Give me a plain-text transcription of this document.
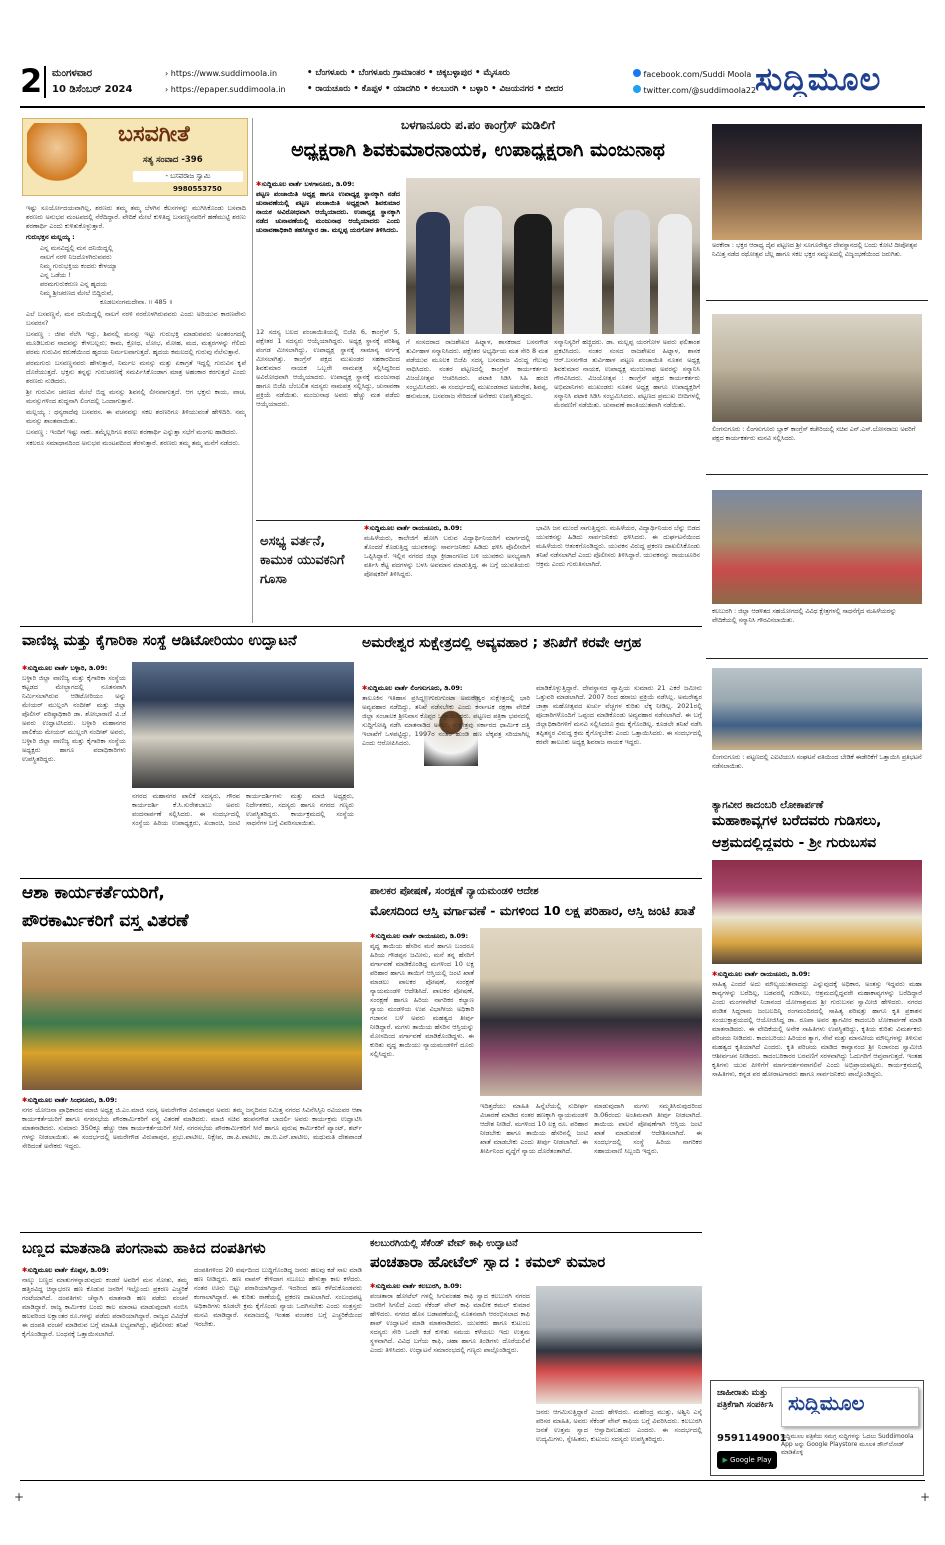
2 ಮಂಗಳವಾರ
10 ಡಿಸೆಂಬರ್ 2024
› https://www.suddimoola.in
› https://epaper.suddimoola.in
• ಬೆಂಗಳೂರು • ಬೆಂಗಳೂರು ಗ್ರಾಮಾಂತರ • ಚಿಕ್ಕಬಳ್ಳಾಪುರ • ಮೈಸೂರು
• ರಾಯಚೂರು • ಕೊಪ್ಪಳ • ಯಾದಗಿರಿ • ಕಲಬುರಗಿ • ಬಳ್ಳಾರಿ • ವಿಜಯನಗರ • ಬೀದರ
facebook.com/Suddi Moola
twitter.com/@suddimoola22
ಸುದ್ದಿಮೂಲ
ಬಸವಗೀತೆ
ಸತ್ಯ ಸಂವಾದ -396
- ಬಸವರಾಜ ಸ್ವಾಮಿ
9980553750

ಇಷ್ಟು ಸೂರ್ಯೋದಯವಾಗಿಲ್ಲ, ಶರಣರು ತಮ್ಮ ತಮ್ಮ ಬೆಳಗಿನ ಕೆಲಸಗಳನ್ನು ಮುಗಿಸಿಕೊಂಡು ಬಸವಾದಿ ಶರಣರು ಅನುಭವ ಮಂಟಪದಲ್ಲಿ ನೆರೆದಿದ್ದಾರೆ. ವೇದಿಕೆ ಮೇಲೆ ಕುಳಿತಿದ್ದ ಬಸವಣ್ಣನವರಿಗೆ ಹಣೆಮುಟ್ಟಿ ಶರಣು ಶರಣಾರ್ಥಿ ಎಂದು ಕುಳಿತುಕೊಳ್ಳುತ್ತಾರೆ.

ಗುರುಭಕ್ತನ ಮಲ್ಲಯ್ಯ :

ಎನ್ನ ಮನವಿದ್ದಲ್ಲಿ ಮನ ದನಿಯಿದ್ದಲ್ಲಿ
ನಾಲಗೆ ನರಳಿ ನಿಜದೊಳಗಿರುವವರು
ನಿಮ್ಮ ಗುರುಭಕ್ತಿಯ ಕಂದರು ಕೇಳಯ್ಯಾ
ಎನ್ನ ಒಡೆಯ !
ಪರಮಗುರುಕರುಣ ಎನ್ನ ಹೃದಯ
ನಿಮ್ಮ ಶ್ರೀಚರಣದ ಮೇಲೆ ಬಿದ್ದಿರುವೆ,
ಕೂಡಲಸಂಗಮದೇವಾ. ॥ 485 ॥

ಎಲೆ ಬಸವಣ್ಣನೆ, ಮನ ದನಿಯಿದ್ದಲ್ಲಿ ನಾಲಗೆ ನರಳಿ ನರರೊಳಗಿರುವವರು ಎಂದು ಅರಿಯುವ ಕಾರಣವೇನು ಬಸವರಸ?

ಬಸವಣ್ಣ : ಜೀವ ನೆಲೆಸಿ ಇದ್ದು, ಶಿವನಲ್ಲಿ ಮನಸ್ಸು ಇಟ್ಟು ಗುರುಭಕ್ತಿ ಮಾಡುವವರು ಅಂತರಂಗದಲ್ಲಿ ಮೂಡಿಬರುವ ನಾದವನ್ನು ಕೇಳಬಲ್ಲರು; ಕಾಮ, ಕ್ರೋಧ, ಲೋಭ, ಮೋಹ, ಮದ, ಮತ್ಸರಗಳನ್ನು ಗೆಲಿದು ಪರಮ ಗುರುವಿನ ಕರುಣೆಯಿಂದ ಹೃದಯ ನಿರ್ಮಲವಾಗುತ್ತದೆ. ಹೃದಯ ಕಮಲದಲ್ಲಿ ಗುರುವು ನೆಲೆಸುತ್ತಾನೆ.

ಪರಮಗುರು ಬಸವಣ್ಣನವರು ಹೇಳುತ್ತಾರೆ, ನಿರ್ಮಲ ಮನಸ್ಸು ಮತ್ತು ಏಕಾಗ್ರತೆ ಇದ್ದಲ್ಲಿ ಗುರುವಿನ ಕೃಪೆ ದೊರೆಯುತ್ತದೆ. ಭಕ್ತನು ತನ್ನನ್ನು ಗುರುಚರಣಕ್ಕೆ ಸಮರ್ಪಿಸಿಕೊಂಡಾಗ ಮಾತ್ರ ಅಹಂಕಾರ ಕರಗುತ್ತದೆ ಎಂದು ಶರಣರು ನುಡಿದರು.

ಶ್ರೀ ಗುರುವಿನ ಚರಣದ ಮೇಲೆ ಬಿದ್ದ ಮನಸ್ಸು ಶಿವನಲ್ಲಿ ಲೀನವಾಗುತ್ತದೆ. ಆಗ ಭಕ್ತನು ಕಾಯ, ವಾಚ, ಮನಸ್ಸುಗಳಿಂದ ಶುದ್ಧನಾಗಿ ಲಿಂಗದಲ್ಲಿ ಒಂದಾಗುತ್ತಾನೆ.

ಮಲ್ಲಯ್ಯ : ಧನ್ಯರಾದೆವು ಬಸವರಸ. ಈ ವಚನವನ್ನು ಸಕಲ ಶರಣರಿಗೂ ತಿಳಿಯುವಂತೆ ಹೇಳಿದಿರಿ. ನಮ್ಮ ಮನಸ್ಸು ಶಾಂತವಾಯಿತು.

ಬಸವಣ್ಣ : ಇಂದಿಗೆ ಇಷ್ಟು ಸಾಕು. ತಮ್ಮೆಲ್ಲರಿಗೂ ಶರಣು ಶರಣಾರ್ಥಿ ಎನ್ನುತ್ತಾ ಸಭೆಗೆ ಮಂಗಲ ಹಾಡಿದರು.

ಸಕಲರೂ ಸಮಾಧಾನದಿಂದ ಅನುಭವ ಮಂಟಪದಿಂದ ತೆರಳುತ್ತಾರೆ. ಶರಣರು ತಮ್ಮ ತಮ್ಮ ಮನೆಗೆ ನಡೆದರು.

ಬಳಗಾನೂರು ಪ.ಪಂ ಕಾಂಗ್ರೆಸ್ ಮಡಿಲಿಗೆ
ಅಧ್ಯಕ್ಷರಾಗಿ ಶಿವಕುಮಾರನಾಯಕ, ಉಪಾಧ್ಯಕ್ಷರಾಗಿ ಮಂಜುನಾಥ
✱ಸುದ್ದಿಮೂಲ ವಾರ್ತೆ ಬಳಗಾನೂರು, ಡಿ.09:
ಪಟ್ಟಣ ಪಂಚಾಯಿತಿ ಅಧ್ಯಕ್ಷ ಹಾಗೂ ಉಪಾಧ್ಯಕ್ಷ ಸ್ಥಾನಕ್ಕಾಗಿ ನಡೆದ ಚುನಾವಣೆಯಲ್ಲಿ ಪಟ್ಟಣ ಪಂಚಾಯಿತಿ ಅಧ್ಯಕ್ಷರಾಗಿ ಶಿವಕುಮಾರ ನಾಯಕ ಅವಿರೋಧವಾಗಿ ಆಯ್ಕೆಯಾದರು. ಉಪಾಧ್ಯಕ್ಷ ಸ್ಥಾನಕ್ಕಾಗಿ ನಡೆದ ಚುನಾವಣೆಯಲ್ಲಿ ಮಂಜುನಾಥ ಆಯ್ಕೆಯಾದರು ಎಂದು ಚುನಾವಣಾಧಿಕಾರಿ ತಹಸೀಲ್ದಾರ ಡಾ. ಮಲ್ಲಪ್ಪ ಯರಗೋಳ ತಿಳಿಸಿದರು.
12 ಸದಸ್ಯ ಬಲದ ಪಂಚಾಯಿತಿಯಲ್ಲಿ ಬಿಜೆಪಿ 6, ಕಾಂಗ್ರೆಸ್ 5, ಪಕ್ಷೇತರ 1 ಸದಸ್ಯರು ಆಯ್ಕೆಯಾಗಿದ್ದರು. ಅಧ್ಯಕ್ಷ ಸ್ಥಾನಕ್ಕೆ ಪರಿಶಿಷ್ಟ ಪಂಗಡ ಮೀಸಲಾಗಿದ್ದು, ಉಪಾಧ್ಯಕ್ಷ ಸ್ಥಾನಕ್ಕೆ ಸಾಮಾನ್ಯ ವರ್ಗಕ್ಕೆ ಮೀಸಲಾಗಿತ್ತು. ಕಾಂಗ್ರೆಸ್ ಪಕ್ಷದ ಮುಖಂಡರ ಸಹಕಾರದಿಂದ ಶಿವಕುಮಾರ ನಾಯಕ ಒಬ್ಬರೇ ನಾಮಪತ್ರ ಸಲ್ಲಿಸಿದ್ದರಿಂದ ಅವಿರೋಧವಾಗಿ ಆಯ್ಕೆಯಾದರು. ಉಪಾಧ್ಯಕ್ಷ ಸ್ಥಾನಕ್ಕೆ ಮಂಜುನಾಥ ಹಾಗೂ ಬಿಜೆಪಿ ಬೆಂಬಲಿತ ಸದಸ್ಯರು ನಾಮಪತ್ರ ಸಲ್ಲಿಸಿದ್ದು, ಚುನಾವಣಾ ಪ್ರಕ್ರಿಯೆ ನಡೆಯಿತು. ಮಂಜುನಾಥ ಅವರು ಹೆಚ್ಚು ಮತ ಪಡೆದು ಆಯ್ಕೆಯಾದರು.
ಗೆ ಸಂಸದರಾದ ರಾಜಶೇಖರ ಹಿಟ್ನಾಳ, ಶಾಸಕರಾದ ಬಸನಗೌಡ ತುರ್ವಿಹಾಳ ಸನ್ಮಾನಿಸಿದರು. ಪಕ್ಷೇತರ ಅಭ್ಯರ್ಥಿಯ ಮತ ಸೇರಿ 8 ಮತ ಪಡೆಯುವ ಮೂಲಕ ಬಿಜೆಪಿ ಸದಸ್ಯ ಬಸವರಾಜ ವಿರುದ್ಧ ಗೆಲುವು ಸಾಧಿಸಿದರು. ನಂತರ ಪಟ್ಟಣದಲ್ಲಿ ಕಾಂಗ್ರೆಸ್ ಕಾರ್ಯಕರ್ತರು ವಿಜಯೋತ್ಸವ ಆಚರಿಸಿದರು. ಪಟಾಕಿ ಸಿಡಿಸಿ ಸಿಹಿ ಹಂಚಿ ಸಂಭ್ರಮಿಸಿದರು. ಈ ಸಂದರ್ಭದಲ್ಲಿ ಮುಖಂಡರಾದ ಅಮರೇಶ, ಶಿವಪ್ಪ, ಹನುಮಂತ, ಬಸವರಾಜ ಸೇರಿದಂತೆ ಅನೇಕರು ಉಪಸ್ಥಿತರಿದ್ದರು.
ಸನ್ಮಾನಿಸ್ಯರಿಗೆ ಹಚ್ಚಿದರು. ಡಾ. ಮಲ್ಲಪ್ಪ ಯರಗೋಳ ಅವರು ಫಲಿತಾಂಶ ಪ್ರಕಟಿಸಿದರು. ನಂತರ ಸಂಸದ ರಾಜಶೇಖರ ಹಿಟ್ನಾಳ, ಶಾಸಕ ಆರ್.ಬಸನಗೌಡ ತುರ್ವಿಹಾಳ ಪಟ್ಟಣ ಪಂಚಾಯಿತಿ ನೂತನ ಅಧ್ಯಕ್ಷ ಶಿವಕುಮಾರ ನಾಯಕ, ಉಪಾಧ್ಯಕ್ಷ ಮಂಜುನಾಥ ಅವರನ್ನು ಸನ್ಮಾನಿಸಿ ಗೌರವಿಸಿದರು. ವಿಜಯೋತ್ಸವ : ಕಾಂಗ್ರೆಸ್ ಪಕ್ಷದ ಕಾರ್ಯಕರ್ತರು ಅಭಿಮಾನಿಗಳು ಮುಖಂಡರು ನೂತನ ಅಧ್ಯಕ್ಷ ಹಾಗೂ ಉಪಾಧ್ಯಕ್ಷರಿಗೆ ಸನ್ಮಾನಿಸಿ ಪಟಾಕಿ ಸಿಡಿಸಿ ಸಂಭ್ರಮಿಸಿದರು. ಪಟ್ಟಣದ ಪ್ರಮುಖ ಬೀದಿಗಳಲ್ಲಿ ಮೆರವಣಿಗೆ ನಡೆಯಿತು. ಚುನಾವಣೆ ಶಾಂತಿಯುತವಾಗಿ ನಡೆಯಿತು.
ಅಸಭ್ಯ ವರ್ತನೆ, ಕಾಮುಕ ಯುವಕನಿಗೆ ಗೂಸಾ
✱ಸುದ್ದಿಮೂಲ ವಾರ್ತೆ ರಾಯಚೂರು, ಡಿ.09:
ಮಹಿಳೆಯರು, ಕಾಲೇಜಿಗೆ ಹೋಗಿ ಬರುವ ವಿದ್ಯಾರ್ಥಿನಿಯರಿಗೆ ಮಾರ್ಗದಲ್ಲಿ ತೊಂದರೆ ಕೊಡುತ್ತಿದ್ದ ಯುವಕನನ್ನು ಸಾರ್ವಜನಿಕರು ಹಿಡಿದು ಥಳಿಸಿ ಪೊಲೀಸರಿಗೆ ಒಪ್ಪಿಸಿದ್ದಾರೆ. ಇಲ್ಲಿನ ನಗರದ ಜಿಲ್ಲಾ ಕ್ರೀಡಾಂಗಣದ ಬಳಿ ಯುವಕನು ಅಸಭ್ಯವಾಗಿ ವರ್ತಿಸಿ ಕೆಟ್ಟ ಪದಗಳನ್ನು ಬಳಸಿ ಅವಮಾನ ಮಾಡುತ್ತಿದ್ದ. ಈ ಬಗ್ಗೆ ಯುವತಿಯರು ಪೋಷಕರಿಗೆ ತಿಳಿಸಿದ್ದರು.
ಭಾವಿಸಿ ಜನ ಮುಂದೆ ಸಾಗುತ್ತಿದ್ದರು. ಮಹಿಳೆಯರ, ವಿದ್ಯಾರ್ಥಿನಿಯರ ಬೆನ್ನು ಬಿಡದ ಯುವಕನನ್ನು ಹಿಡಿದು ಸಾರ್ವಜನಿಕರು ಥಳಿಸಿದರು. ಈ ದುರ್ಘಟನೆಯಿಂದ ಮಹಿಳೆಯರು ಆತಂಕಗೊಂಡಿದ್ದರು. ಯುವಕನ ವಿರುದ್ಧ ಪ್ರಕರಣ ದಾಖಲಿಸಿಕೊಂಡು ತನಿಖೆ ನಡೆಸಲಾಗಿದೆ ಎಂದು ಪೊಲೀಸರು ತಿಳಿಸಿದ್ದಾರೆ. ಯುವಕನನ್ನು ರಾಯಚೂರಿನ ಆಕ್ರಮ ಎಂದು ಗುರುತಿಸಲಾಗಿದೆ.
ಅರಕೇರಾ : ಭಕ್ತರ ಆರಾಧ್ಯ ದೈವ ಪಟ್ಟಣದ ಶ್ರೀ ಸೂಗೂರೇಶ್ವರ ದೇವಸ್ಥಾನದಲ್ಲಿ ಬಂದು ಕೋಟಿ ದೀಪೋತ್ಸವ ನಿಮಿತ್ತ ನಡೆದ ರಥೋತ್ಸವ ಬೆಲ್ಲ ಹಾಗೂ ಸಕಲ ಭಕ್ತರ ಸಮ್ಮುಖದಲ್ಲಿ ವಿಜೃಂಭಣೆಯಿಂದ ಜರುಗಿತು.
ಲಿಂಗಸುಗೂರು : ಲಿಂಗಸುಗೂರು ಬ್ಲಾಕ್ ಕಾಂಗ್ರೆಸ್ ಕಚೇರಿಯಲ್ಲಿ ಸಚಿವ ಎನ್.ಎಸ್.ಬೋಸರಾಜು ಅವರಿಗೆ ಪಕ್ಷದ ಕಾರ್ಯಕರ್ತರು ಮನವಿ ಸಲ್ಲಿಸಿದರು.
ಕಲಬುರಗಿ : ಜಿಲ್ಲಾ ಆಡಳಿತದ ಸಹಯೋಗದಲ್ಲಿ ವಿವಿಧ ಕ್ಷೇತ್ರಗಳಲ್ಲಿ ಸಾಧನೆಗೈದ ಮಹಿಳೆಯರನ್ನು ವೇದಿಕೆಯಲ್ಲಿ ಸನ್ಮಾನಿಸಿ ಗೌರವಿಸಲಾಯಿತು.
ಲಿಂಗಸುಗೂರು : ಪಟ್ಟಣದಲ್ಲಿ ಎಐಟಿಯುಸಿ ಸಂಘಟನೆ ವತಿಯಿಂದ ಬೇಡಿಕೆ ಈಡೇರಿಕೆಗೆ ಒತ್ತಾಯಿಸಿ ಪ್ರತಿಭಟನೆ ನಡೆಸಲಾಯಿತು.
ವಾಣಿಜ್ಯ ಮತ್ತು ಕೈಗಾರಿಕಾ ಸಂಸ್ಥೆ ಆಡಿಟೋರಿಯಂ ಉದ್ಘಾಟನೆ
✱ಸುದ್ದಿಮೂಲ ವಾರ್ತೆ ಬಳ್ಳಾರಿ, ಡಿ.09:
ಬಳ್ಳಾರಿ ಜಿಲ್ಲಾ ವಾಣಿಜ್ಯ ಮತ್ತು ಕೈಗಾರಿಕಾ ಸಂಸ್ಥೆಯ ಕಟ್ಟಡದ ಮೇಲ್ಭಾಗದಲ್ಲಿ ನೂತನವಾಗಿ ನಿರ್ಮಿಸಲಾಗಿರುವ ಆಡಿಟೋರಿಯಂ ಅನ್ನು ಮೇಯರ್ ಮುಲ್ಲಂಗಿ ನಂದೀಶ್ ಮತ್ತು ಜಿಲ್ಲಾ ಪೊಲೀಸ್ ವರಿಷ್ಠಾಧಿಕಾರಿ ಡಾ. ಶೋಭಾರಾಣಿ ವಿ.ಜೆ ಅವರು ಉದ್ಘಾಟಿಸಿದರು. ಬಳ್ಳಾರಿ ಮಹಾನಗರ ಪಾಲಿಕೆಯ ಮೇಯರ್ ಮುಲ್ಲಂಗಿ ನಂದೀಶ್ ಅವರು, ಬಳ್ಳಾರಿ ಜಿಲ್ಲಾ ವಾಣಿಜ್ಯ ಮತ್ತು ಕೈಗಾರಿಕಾ ಸಂಸ್ಥೆಯ ಅಧ್ಯಕ್ಷರು ಹಾಗೂ ಪದಾಧಿಕಾರಿಗಳು ಉಪಸ್ಥಿತರಿದ್ದರು.
ನಗರದ ಮಹಾನಗರ ಪಾಲಿಕೆ ಸದಸ್ಯರು, ಗೌರವ ಕಾರ್ಯದರ್ಶಿ ಕೆ.ಸಿ.ಸುರೇಶಬಾಬು ಅವರು ವಂದನಾರ್ಪಣೆ ಸಲ್ಲಿಸಿದರು. ಈ ಸಂದರ್ಭದಲ್ಲಿ ಸಂಸ್ಥೆಯ ಹಿರಿಯ ಉಪಾಧ್ಯಕ್ಷರು, ಖಜಾಂಚಿ, ಜಂಟಿ ಕಾರ್ಯದರ್ಶಿಗಳು ಮತ್ತು ಮಾಜಿ ಅಧ್ಯಕ್ಷರು, ನಿರ್ದೇಶಕರು, ಸದಸ್ಯರು ಹಾಗೂ ನಗರದ ಗಣ್ಯರು ಉಪಸ್ಥಿತರಿದ್ದರು. ಕಾರ್ಯಕ್ರಮದಲ್ಲಿ ಸಂಸ್ಥೆಯ ಸಾಧನೆಗಳ ಬಗ್ಗೆ ವಿವರಿಸಲಾಯಿತು.
ಅಮರೇಶ್ವರ ಸುಕ್ಷೇತ್ರದಲ್ಲಿ ಅವ್ಯವಹಾರ ; ತನಿಖೆಗೆ ಕರವೇ ಆಗ್ರಹ
✱ಸುದ್ದಿಮೂಲ ವಾರ್ತೆ ಲಿಂಗಸುಗೂರು, ಡಿ.09:
ತಾಲೂಕಿನ ಇತಿಹಾಸ ಪ್ರಸಿದ್ಧ ಗುರುಗುಂಟಾ ಅಮರೇಶ್ವರ ಸುಕ್ಷೇತ್ರದಲ್ಲಿ ಭಾರಿ ಅವ್ಯವಹಾರ ನಡೆದಿದ್ದು, ತನಿಖೆ ನಡೆಸಬೇಕು ಎಂದು ಕರ್ನಾಟಕ ರಕ್ಷಣಾ ವೇದಿಕೆ ಜಿಲ್ಲಾ ಸಂಚಾಲಕ ಶ್ರೀನಿವಾಸ ಕೊಪ್ಪರ ಒತ್ತಾಯಿಸಿದರು. ಪಟ್ಟಣದ ಪತ್ರಿಕಾ ಭವನದಲ್ಲಿ ಸುದ್ದಿಗೋಷ್ಠಿ ನಡೆಸಿ ಮಾತನಾಡಿದ ಅವರು, ಸುಕ್ಷೇತ್ರವು ಸರ್ಕಾರದ ಧಾರ್ಮಿಕ ದತ್ತಿ ಇಲಾಖೆಗೆ ಒಳಪಟ್ಟಿದ್ದು, 1997ರ ನಂತರ ಹುಂಡಿ ಹಣ ಲೆಕ್ಕಪತ್ರ ಸರಿಯಾಗಿಲ್ಲ ಎಂದು ಆರೋಪಿಸಿದರು.
ಮಾಡಿಕೊಳ್ಳುತ್ತಿದ್ದಾರೆ. ದೇವಸ್ಥಾನದ ವ್ಯಾಪ್ತಿಯ ಸುಮಾರು 21 ಎಕರೆ ಜಮೀನು ಒತ್ತುವರಿ ಮಾಡಲಾಗಿದೆ. 2007 ರಿಂದ ಹರಾಜು ಪ್ರಕ್ರಿಯೆ ನಡೆಸಿಲ್ಲ. ಅಮರೇಶ್ವರ ಜಾತ್ರಾ ಮಹೋತ್ಸವದ ಖರ್ಚು ವೆಚ್ಚಗಳ ಕುರಿತು ಲೆಕ್ಕ ನೀಡಿಲ್ಲ. 2021ರಲ್ಲಿ ಪೂಜಾರಿಗಳೊಂದಿಗೆ ಒಪ್ಪಂದ ಮಾಡಿಕೊಂಡು ಅವ್ಯವಹಾರ ನಡೆಸಲಾಗಿದೆ. ಈ ಬಗ್ಗೆ ಜಿಲ್ಲಾಧಿಕಾರಿಗಳಿಗೆ ಮನವಿ ಸಲ್ಲಿಸಿದರೂ ಕ್ರಮ ಕೈಗೊಂಡಿಲ್ಲ. ಕೂಡಲೇ ತನಿಖೆ ನಡೆಸಿ ತಪ್ಪಿತಸ್ಥರ ವಿರುದ್ಧ ಕ್ರಮ ಕೈಗೊಳ್ಳಬೇಕು ಎಂದು ಒತ್ತಾಯಿಸಿದರು. ಈ ಸಂದರ್ಭದಲ್ಲಿ ಕರವೇ ತಾಲೂಕು ಅಧ್ಯಕ್ಷ ಶಿವರಾಜ ನಾಯಕ ಇದ್ದರು.
ತ್ಯಾಗವೀರ ಕಾದಂಬರಿ ಲೋಕಾರ್ಪಣೆ
ಮಹಾಕಾವ್ಯಗಳ ಬರೆದವರು ಗುಡಿಸಲು,
ಆಶ್ರಮದಲ್ಲಿದ್ದವರು - ಶ್ರೀ ಗುರುಬಸವ
✱ಸುದ್ದಿಮೂಲ ವಾರ್ತೆ ರಾಯಚೂರು, ಡಿ.09:
ಸಾಹಿತ್ಯ ಎಂದರೆ ಅದು ಮೌಲ್ಯಯುತವಾದದ್ದು ಎನ್ನುವುದಕ್ಕೆ ಅಧಿಕಾರ, ಅಂತಸ್ತು ಇದ್ದವರು ಮಹಾ ಕಾವ್ಯಗಳನ್ನು ಬರೆದಿಲ್ಲ, ಬಡವರಲ್ಲಿ ಗುಡಿಸಲು, ಆಶ್ರಮದಲ್ಲಿದ್ದವರೇ ಮಹಾಕಾವ್ಯಗಳನ್ನು ಬರೆದಿದ್ದಾರೆ ಎಂದು ಮಂಗಳಪೇಟೆ ನಿಜಾನಂದ ಯೋಗಾಶ್ರಮದ ಶ್ರೀ ಗುರುಬಸವ ಸ್ವಾಮೀಜಿ ಹೇಳಿದರು. ನಗರದ ಪಂಡಿತ ಸಿದ್ದರಾಮ ಜಂಬಲದಿನ್ನಿ ರಂಗಮಂದಿರದಲ್ಲಿ ಸಾಹಿತ್ಯ ಪರಿಷತ್ತು ಹಾಗೂ ಕೃತಿ ಪ್ರಕಾಶನ ಸಂಯುಕ್ತಾಶ್ರಯದಲ್ಲಿ ಆಯೋಜಿಸಿದ್ದ ಡಾ. ರೂಪಾ ಅವರ ತ್ಯಾಗವೀರ ಕಾದಂಬರಿ ಲೋಕಾರ್ಪಣೆ ಮಾಡಿ ಮಾತನಾಡಿದರು. ಈ ವೇದಿಕೆಯಲ್ಲಿ ಅನೇಕ ಸಾಹಿತಿಗಳು ಉಪಸ್ಥಿತರಿದ್ದು, ಕೃತಿಯ ಕುರಿತು ವಿಮರ್ಶಕರು ಪರಿಚಯ ನೀಡಿದರು. ಕಾದಂಬರಿಯು ಹಿರಿಯರ ತ್ಯಾಗ, ಸೇವೆ ಮತ್ತು ಮಾನವೀಯ ಮೌಲ್ಯಗಳನ್ನು ತಿಳಿಸುವ ಮಹತ್ವದ ಕೃತಿಯಾಗಿದೆ ಎಂದರು. ಕೃತಿ ಪರಿಚಯ ಮಾಡಿದ ಕಾವ್ಯಾನಂದ ಶ್ರೀ ನಿಜಾನಂದ ಸ್ವಾಮೀಜಿ ಆಶೀರ್ವಚನ ನೀಡಿದರು. ಕಾದಂಬರಿಕಾರರ ಬರವಣಿಗೆ ಸರಳವಾಗಿದ್ದು ಓದುಗರಿಗೆ ಆಪ್ತವಾಗುತ್ತದೆ. ಇಂತಹ ಕೃತಿಗಳು ಯುವ ಪೀಳಿಗೆಗೆ ಮಾರ್ಗದರ್ಶನವಾಗಲಿವೆ ಎಂದು ಅಭಿಪ್ರಾಯಪಟ್ಟರು. ಕಾರ್ಯಕ್ರಮದಲ್ಲಿ ಸಾಹಿತಿಗಳು, ಕನ್ನಡ ಪರ ಹೋರಾಟಗಾರರು ಹಾಗೂ ಸಾರ್ವಜನಿಕರು ಪಾಲ್ಗೊಂಡಿದ್ದರು.
ಆಶಾ ಕಾರ್ಯಕರ್ತೆಯರಿಗೆ,
ಪೌರಕಾರ್ಮಿಕರಿಗೆ ವಸ್ತ್ರ ವಿತರಣೆ
✱ಸುದ್ದಿಮೂಲ ವಾರ್ತೆ ಸಿಂಧನೂರು, ಡಿ.09:
ನಗರ ಯೋಜನಾ ಪ್ರಾಧಿಕಾರದ ಮಾಜಿ ಅಧ್ಯಕ್ಷ ಜಿ.ಎಂ.ಮಾಜಿ ಸದಸ್ಯ ಅಮರೇಗೌಡ ವಿರುಪಾಪುರ ಅವರು ತಮ್ಮ ಜನ್ಮದಿನದ ನಿಮಿತ್ತ ನಗರದ ಸಿವಿನೆಸಿಸ್ಸಿನಿ ರವಿಯವರ ಆಶಾ ಕಾರ್ಯಕರ್ತೆಯರಿಗೆ ಹಾಗೂ ನಗರಸಭೆಯ ಪೌರಕಾರ್ಮಿಕರಿಗೆ ವಸ್ತ್ರ ವಿತರಣೆ ಮಾಡಿದರು. ಮಾಜಿ ಸಚಿವ ಹಂಪನಗೌಡ ಬಾದರ್ಲಿ ಅವರು ಕಾರ್ಯಕ್ರಮ ಉದ್ಘಾಟಿಸಿ ಮಾತನಾಡಿದರು. ಸುಮಾರು 350ಕ್ಕೂ ಹೆಚ್ಚು ಆಶಾ ಕಾರ್ಯಕರ್ತೆಯರಿಗೆ ಸೀರೆ, ನಗರಸಭೆಯ ಪೌರಕಾರ್ಮಿಕರಿಗೆ ಸೀರೆ ಹಾಗೂ ಪುರುಷ ಕಾರ್ಮಿಕರಿಗೆ ಪ್ಯಾಂಟ್, ಶರ್ಟ್ ಗಳನ್ನು ನೀಡಲಾಯಿತು. ಈ ಸಂದರ್ಭದಲ್ಲಿ ಅಮರೇಗೌಡ ವಿರುಪಾಪುರ, ಪ್ರಭು.ಪಾಟೀಲ, ನಿಕ್ಷೇಪ, ಡಾ.ಪಿ.ಪಾಟೀಲ, ಡಾ.ಬಿ.ಎನ್.ಪಾಟೀಲ, ಮಧುಮತಿ ದೇಶಪಾಂಡೆ ಸೇರಿದಂತೆ ಅನೇಕರು ಇದ್ದರು.
ಪಾಲಕರ ಪೋಷಣೆ, ಸಂರಕ್ಷಣೆ ನ್ಯಾಯಮಂಡಳಿ ಆದೇಶ
ಮೋಸದಿಂದ ಆಸ್ತಿ ವರ್ಗಾವಣೆ - ಮಗಳಿಂದ 10 ಲಕ್ಷ ಪರಿಹಾರ, ಆಸ್ತಿ ಜಂಟಿ ಖಾತೆ
✱ಸುದ್ದಿಮೂಲ ವಾರ್ತೆ ರಾಯಚೂರು, ಡಿ.09:
ವೃದ್ಧ ತಾಯಿಯ ಹೆಸರಿನ ಮನೆ ಹಾಗೂ ಬಂದರೂ ಹಿರಿಯ ಗೌಡಪ್ಪನ ಜಮೀನು, ಮನೆ ತನ್ನ ಹೆಸರಿಗೆ ವರ್ಗಾವಣೆ ಮಾಡಿಕೊಂಡಿದ್ದ ಮಗಳಿಂದ 10 ಲಕ್ಷ ಪರಿಹಾರ ಹಾಗೂ ತಾಯಿಗೆ ಆಸ್ತಿಯಲ್ಲಿ ಜಂಟಿ ಖಾತೆ ಮಾಡಲು ಪಾಲಕರ ಪೋಷಣೆ, ಸಂರಕ್ಷಣೆ ನ್ಯಾಯಮಂಡಳಿ ಆದೇಶಿಸಿದೆ. ಪಾಲಕರ ಪೋಷಣೆ, ಸಂರಕ್ಷಣೆ ಹಾಗೂ ಹಿರಿಯ ನಾಗರಿಕರ ಕಲ್ಯಾಣ ನ್ಯಾಯ ಮಂಡಳಿಯ ಉಪ ವಿಭಾಗೀಯ ಅಧಿಕಾರಿ ಗಜಾನನ ಬಳೆ ಅವರು ಮಹತ್ವದ ತೀರ್ಪು ನೀಡಿದ್ದಾರೆ. ಮಗಳು ತಾಯಿಯ ಹೆಸರಿನ ಆಸ್ತಿಯನ್ನು ಮೋಸದಿಂದ ವರ್ಗಾವಣೆ ಮಾಡಿಕೊಂಡಿದ್ದಳು. ಈ ಕುರಿತು ವೃದ್ಧ ತಾಯಿಯು ನ್ಯಾಯಮಂಡಳಿಗೆ ದೂರು ಸಲ್ಲಿಸಿದ್ದರು.
ಇದಿತ್ತದೆಯು ಮಾಹಿತಿ ಹಿನ್ನೆಲೆಯಲ್ಲಿ ಸುದೀರ್ಘ ವಿಚಾರಣೆ ಮಾಡಿದ ನಂತರ ಹಣಕ್ಕಾಗಿ ನ್ಯಾಯಮಂಡಳಿ ಆದೇಶ ನೀಡಿದೆ. ಮಗಳಿಂದ 10 ಲಕ್ಷ ರೂ. ಪರಿಹಾರ ನೀಡಬೇಕು ಹಾಗೂ ತಾಯಿಯ ಹೆಸರಿನಲ್ಲಿ ಜಂಟಿ ಖಾತೆ ಮಾಡಬೇಕು ಎಂದು ತೀರ್ಪು ನೀಡಲಾಗಿದೆ. ಈ ತೀರ್ಪಿನಿಂದ ವೃದ್ಧೆಗೆ ನ್ಯಾಯ ದೊರೆತಂತಾಗಿದೆ.
ಮಾಡುವುದಾಗಿ ಮಗಳು ಸಮ್ಮತಿಸಿರುವುದರಿಂದ ಡಿ.06ರಂದು ಅಂತಿಮವಾಗಿ ತೀರ್ಪು ನೀಡಲಾಗಿದೆ. ತಾಯಿಯ ಪಾಲನೆ ಪೋಷಣೆಗಾಗಿ ಆಸ್ತಿಯ ಜಂಟಿ ಖಾತೆ ಮಾಡುವಂತೆ ಆದೇಶಿಸಲಾಗಿದೆ. ಈ ಸಂದರ್ಭದಲ್ಲಿ ಸಂಸ್ಥೆ ಹಿರಿಯ ನಾಗರಿಕರ ಸಹಾಯವಾಣಿ ಸಿಬ್ಬಂದಿ ಇದ್ದರು.
ಬಣ್ಣದ ಮಾತನಾಡಿ ಪಂಗನಾಮ ಹಾಕಿದ ದಂಪತಿಗಳು
✱ಸುದ್ದಿಮೂಲ ವಾರ್ತೆ ಕೊಪ್ಪಳ, ಡಿ.09:
ನಾಲ್ಕು ಬಣ್ಣದ ಮಾತುಗಳನ್ನಾಡುವುದು ಕಂಡರೆ ಅವರಿಗೆ ಮನ ಸೋತು, ತಮ್ಮ ಹತ್ತಿರವಿದ್ದ ಚಿನ್ನಾಭರಣ ಹಣ ಕೊಡುವ ಜನರಿಗೆ ಇಲ್ಲೊಂದು ಪ್ರಕರಣ ಎಚ್ಚರಿಕೆ ಗಂಟೆಯಾಗಿದೆ. ದಂಪತಿಗಳು ಚೆನ್ನಾಗಿ ಮಾತನಾಡಿ ಹಣ ಪಡೆದು ವಂಚನೆ ಮಾಡಿದ್ದಾರೆ. ರಾಜ್ಯ ಕಾರ್ಮಿಕರ ಬಂದು ಕಾಲ ಮಾರಾಟ ಮಾಡುವುದಾಗಿ ನಂಬಿಸಿ ಹಲವರಿಂದ ಲಕ್ಷಾಂತರ ರೂ.ಗಳನ್ನು ಪಡೆದು ಪರಾರಿಯಾಗಿದ್ದಾರೆ. ರಾಜ್ಯದ ವಿವಿಧೆಡೆ ಈ ದಂಪತಿ ವಂಚನೆ ಮಾಡಿರುವ ಬಗ್ಗೆ ಮಾಹಿತಿ ಲಭ್ಯವಾಗಿದ್ದು, ಪೊಲೀಸರು ತನಿಖೆ ಕೈಗೊಂಡಿದ್ದಾರೆ. ಬಂಧನಕ್ಕೆ ಒತ್ತಾಯಿಸಲಾಗಿದೆ.
ದಂಪತಿಗಳಿಂದ 20 ವರ್ಷದಿಂದ ಬುದ್ಧಿಗೊಂಡಿದ್ದ ಜನರು ಹಲವು ಕಡೆ ಸಾಲ ಮಾಡಿ ಹಣ ನೀಡಿದ್ದರು. ಹಣ ವಾಪಸ್ ಕೇಳಿದಾಗ ಸಬೂಬು ಹೇಳುತ್ತಾ ಕಾಲ ಕಳೆದರು. ನಂತರ ಊರು ಬಿಟ್ಟು ಪರಾರಿಯಾಗಿದ್ದಾರೆ. ಇದರಿಂದ ಹಣ ಕಳೆದುಕೊಂಡವರು ಕಂಗಾಲಾಗಿದ್ದಾರೆ. ಈ ಕುರಿತು ಠಾಣೆಯಲ್ಲಿ ಪ್ರಕರಣ ದಾಖಲಾಗಿದೆ. ಸಂಬಂಧಪಟ್ಟ ಅಧಿಕಾರಿಗಳು ಕೂಡಲೇ ಕ್ರಮ ಕೈಗೊಂಡು ನ್ಯಾಯ ಒದಗಿಸಬೇಕು ಎಂದು ಸಂತ್ರಸ್ತರು ಮನವಿ ಮಾಡಿದ್ದಾರೆ. ಸಮಾಜದಲ್ಲಿ ಇಂತಹ ವಂಚಕರ ಬಗ್ಗೆ ಎಚ್ಚರಿಕೆಯಿಂದ ಇರಬೇಕು.
ಕಲಬುರಗಿಯಲ್ಲಿ ಸೆಕೆಂಡ್ ವೇವ್ ಕಾಫಿ ಉದ್ಘಾಟನೆ
ಪಂಚತಾರಾ ಹೋಟೆಲ್ ಸ್ವಾದ : ಕಮಲ್ ಕುಮಾರ
✱ಸುದ್ದಿಮೂಲ ವಾರ್ತೆ ಕಲಬುರಗಿ, ಡಿ.09:
ಪಂಚತಾರಾ ಹೋಟೆಲ್ ಗಳಲ್ಲಿ ಸಿಗುವಂತಹ ಕಾಫಿ ಸ್ವಾದ ಕಲಬುರಗಿ ನಗರದ ಜನರಿಗೆ ಸಿಗಲಿದೆ ಎಂದು ಸೆಕೆಂಡ್ ವೇವ್ ಕಾಫಿ ಮಾಲೀಕ ಕಮಲ್ ಕುಮಾರ ಹೇಳಿದರು. ನಗರದ ಹೊಸ ಬಡಾವಣೆಯಲ್ಲಿ ನೂತನವಾಗಿ ಆರಂಭಿಸಲಾದ ಕಾಫಿ ಶಾಪ್ ಉದ್ಘಾಟನೆ ಮಾಡಿ ಮಾತನಾಡಿದರು. ಯುವಕರು ಹಾಗೂ ಕುಟುಂಬ ಸದಸ್ಯರು ಸೇರಿ ಒಂದೇ ಕಡೆ ಕುಳಿತು ಸಮಯ ಕಳೆಯಲು ಇದು ಉತ್ತಮ ಸ್ಥಳವಾಗಿದೆ. ವಿವಿಧ ಬಗೆಯ ಕಾಫಿ, ಚಹಾ ಹಾಗೂ ತಿಂಡಿಗಳು ದೊರೆಯಲಿವೆ ಎಂದು ತಿಳಿಸಿದರು. ಉದ್ಘಾಟನೆ ಸಮಾರಂಭದಲ್ಲಿ ಗಣ್ಯರು ಪಾಲ್ಗೊಂಡಿದ್ದರು.
ಜನರು ಆಗಮಿಸುತ್ತಿದ್ದಾರೆ ಎಂದು ಹೇಳಿದರು. ಮಹೇಂದ್ರ ಮುತ್ತು, ಅಶ್ವಿನಿ ಎಸ್ಕೆ ಪರಿಸರ ಮಾಹಿತಿ, ಅವರು ಸೆಕೆಂಡ್ ವೇವ್ ಕಾಫಿಯ ಬಗ್ಗೆ ವಿವರಿಸಿದರು. ಕಲಬುರಗಿ ಜನತೆ ಉತ್ತಮ ಸ್ವಾದ ಆಸ್ವಾದಿಸಬಹುದು ಎಂದರು. ಈ ಸಂದರ್ಭದಲ್ಲಿ ಉದ್ಯಮಿಗಳು, ಸ್ನೇಹಿತರು, ಕುಟುಂಬ ಸದಸ್ಯರು ಉಪಸ್ಥಿತರಿದ್ದರು.
ಜಾಹೀರಾತು ಮತ್ತು ಪತ್ರಿಕೆಗಾಗಿ ಸಂಪರ್ಕಿಸಿ
9591149001
ಸುದ್ದಿಮೂಲ
▶ Google Play
ಸುದ್ದಿಮೂಲ ಪತ್ರಿಕೆಯ ಸಮಗ್ರ ಸುದ್ದಿಗಳನ್ನು ಓದಲು Suddimoola App ಅನ್ನು Google Playstore ಮೂಲಕ ಡೌನ್‌ಲೋಡ್ ಮಾಡಿಕೊಳ್ಳಿ
+	+
